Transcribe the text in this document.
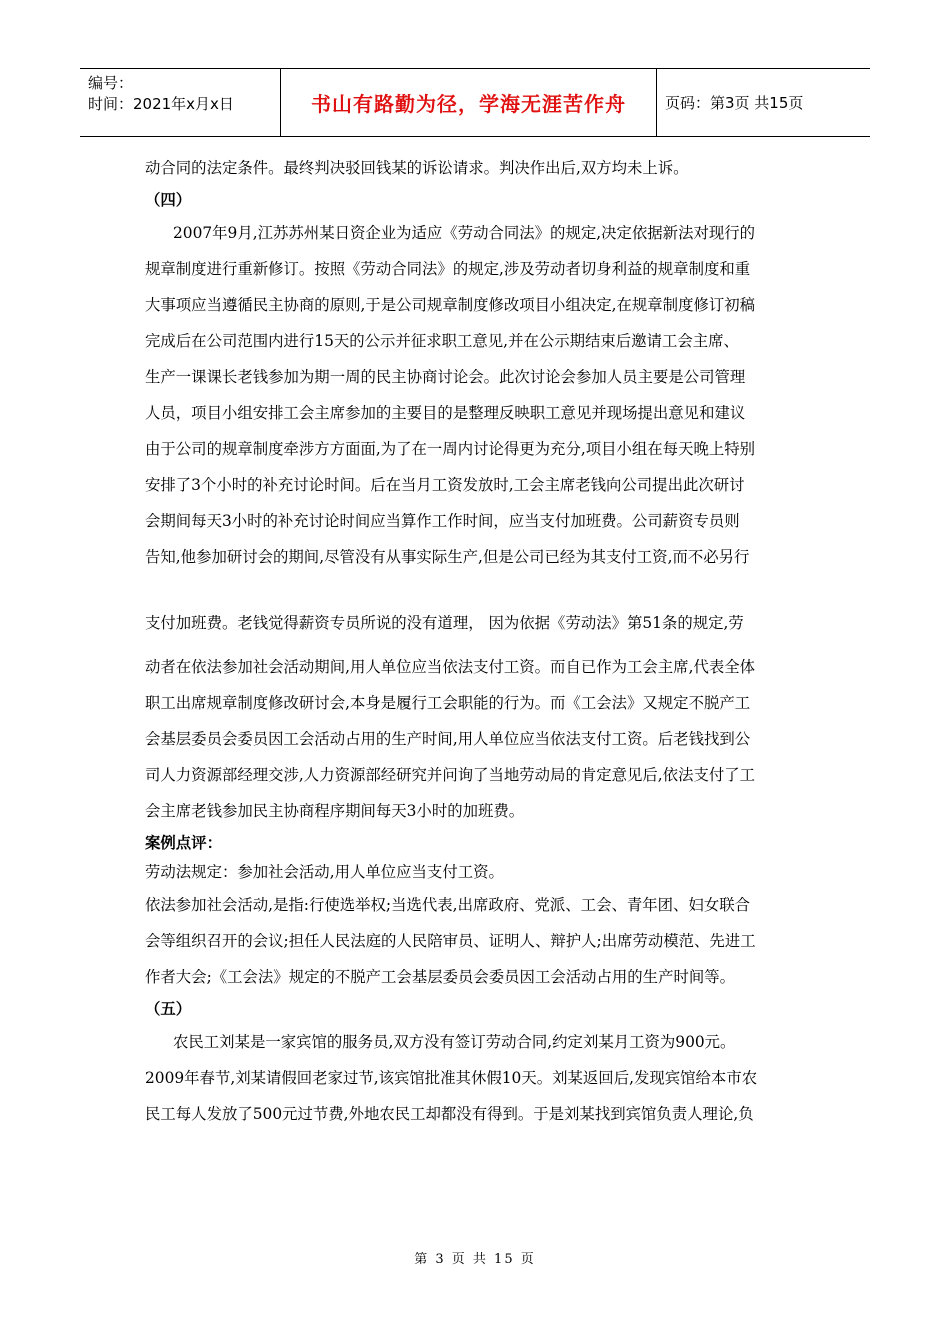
编号：
时间：2021年x月x日	书山有路勤为径，学海无涯苦作舟	页码：第3页 共15页
动合同的法定条件。最终判决驳回钱某的诉讼请求。判决作出后,双方均未上诉。
（四）
2007年9月,江苏苏州某日资企业为适应《劳动合同法》的规定,决定依据新法对现行的
规章制度进行重新修订。按照《劳动合同法》的规定,涉及劳动者切身利益的规章制度和重
大事项应当遵循民主协商的原则,于是公司规章制度修改项目小组决定,在规章制度修订初稿
完成后在公司范围内进行15天的公示并征求职工意见,并在公示期结束后邀请工会主席、
生产一课课长老钱参加为期一周的民主协商讨论会。此次讨论会参加人员主要是公司管理
人员，项目小组安排工会主席参加的主要目的是整理反映职工意见并现场提出意见和建议
由于公司的规章制度牵涉方方面面,为了在一周内讨论得更为充分,项目小组在每天晚上特别
安排了3个小时的补充讨论时间。后在当月工资发放时,工会主席老钱向公司提出此次研讨
会期间每天3小时的补充讨论时间应当算作工作时间，应当支付加班费。公司薪资专员则
告知,他参加研讨会的期间,尽管没有从事实际生产,但是公司已经为其支付工资,而不必另行
支付加班费。老钱觉得薪资专员所说的没有道理， 因为依据《劳动法》第51条的规定,劳
动者在依法参加社会活动期间,用人单位应当依法支付工资。而自已作为工会主席,代表全体
职工出席规章制度修改研讨会,本身是履行工会职能的行为。而《工会法》又规定不脱产工
会基层委员会委员因工会活动占用的生产时间,用人单位应当依法支付工资。后老钱找到公
司人力资源部经理交涉,人力资源部经研究并问询了当地劳动局的肯定意见后,依法支付了工
会主席老钱参加民主协商程序期间每天3小时的加班费。
案例点评：
劳动法规定：参加社会活动,用人单位应当支付工资。
依法参加社会活动,是指:行使选举权;当选代表,出席政府、党派、工会、青年团、妇女联合
会等组织召开的会议;担任人民法庭的人民陪审员、证明人、辩护人;出席劳动模范、先进工
作者大会;《工会法》规定的不脱产工会基层委员会委员因工会活动占用的生产时间等。
（五）
农民工刘某是一家宾馆的服务员,双方没有签订劳动合同,约定刘某月工资为900元。
2009年春节,刘某请假回老家过节,该宾馆批准其休假10天。刘某返回后,发现宾馆给本市农
民工每人发放了500元过节费,外地农民工却都没有得到。于是刘某找到宾馆负责人理论,负
第 3 页 共 15 页
